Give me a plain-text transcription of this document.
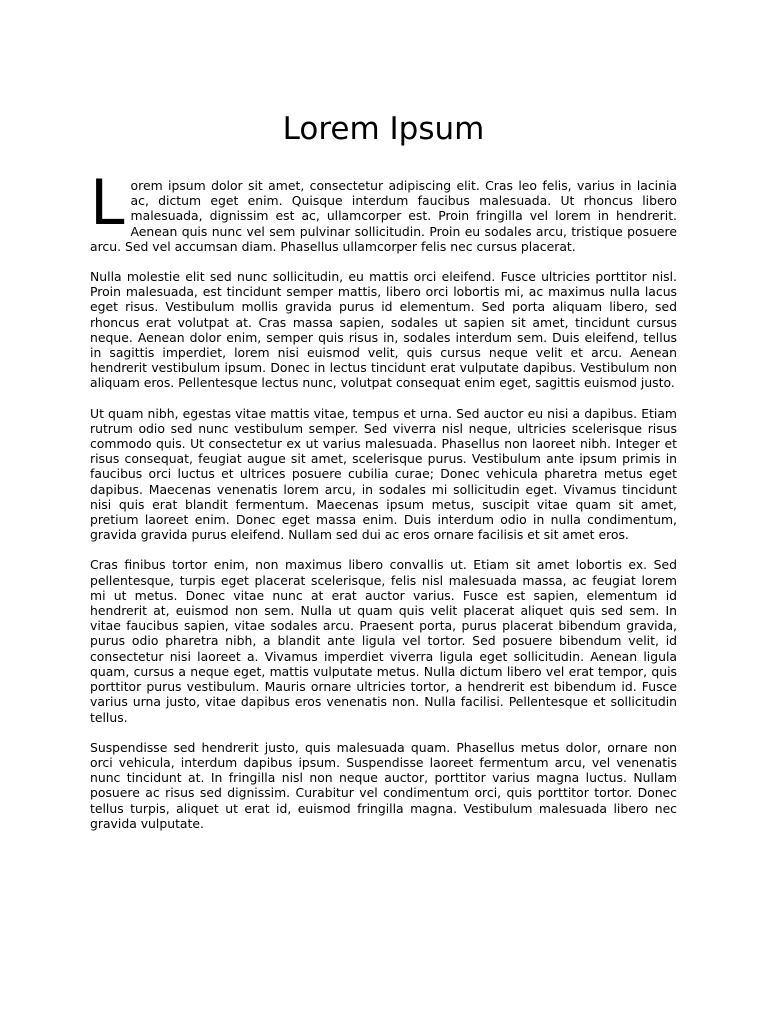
Lorem Ipsum

Lorem ipsum dolor sit amet, consectetur adipiscing elit. Cras leo felis, varius in lacinia ac, dictum eget enim. Quisque interdum faucibus malesuada. Ut rhoncus libero malesuada, dignissim est ac, ullamcorper est. Proin fringilla vel lorem in hendrerit. Aenean quis nunc vel sem pulvinar sollicitudin. Proin eu sodales arcu, tristique posuere arcu. Sed vel accumsan diam. Phasellus ullamcorper felis nec cursus placerat.

Nulla molestie elit sed nunc sollicitudin, eu mattis orci eleifend. Fusce ultricies porttitor nisl. Proin malesuada, est tincidunt semper mattis, libero orci lobortis mi, ac maximus nulla lacus eget risus. Vestibulum mollis gravida purus id elementum. Sed porta aliquam libero, sed rhoncus erat volutpat at. Cras massa sapien, sodales ut sapien sit amet, tincidunt cursus neque. Aenean dolor enim, semper quis risus in, sodales interdum sem. Duis eleifend, tellus in sagittis imperdiet, lorem nisi euismod velit, quis cursus neque velit et arcu. Aenean hendrerit vestibulum ipsum. Donec in lectus tincidunt erat vulputate dapibus. Vestibulum non aliquam eros. Pellentesque lectus nunc, volutpat consequat enim eget, sagittis euismod justo.

Ut quam nibh, egestas vitae mattis vitae, tempus et urna. Sed auctor eu nisi a dapibus. Etiam rutrum odio sed nunc vestibulum semper. Sed viverra nisl neque, ultricies scelerisque risus commodo quis. Ut consectetur ex ut varius malesuada. Phasellus non laoreet nibh. Integer et risus consequat, feugiat augue sit amet, scelerisque purus. Vestibulum ante ipsum primis in faucibus orci luctus et ultrices posuere cubilia curae; Donec vehicula pharetra metus eget dapibus. Maecenas venenatis lorem arcu, in sodales mi sollicitudin eget. Vivamus tincidunt nisi quis erat blandit fermentum. Maecenas ipsum metus, suscipit vitae quam sit amet, pretium laoreet enim. Donec eget massa enim. Duis interdum odio in nulla condimentum, gravida gravida purus eleifend. Nullam sed dui ac eros ornare facilisis et sit amet eros.

Cras finibus tortor enim, non maximus libero convallis ut. Etiam sit amet lobortis ex. Sed pellentesque, turpis eget placerat scelerisque, felis nisl malesuada massa, ac feugiat lorem mi ut metus. Donec vitae nunc at erat auctor varius. Fusce est sapien, elementum id hendrerit at, euismod non sem. Nulla ut quam quis velit placerat aliquet quis sed sem. In vitae faucibus sapien, vitae sodales arcu. Praesent porta, purus placerat bibendum gravida, purus odio pharetra nibh, a blandit ante ligula vel tortor. Sed posuere bibendum velit, id consectetur nisi laoreet a. Vivamus imperdiet viverra ligula eget sollicitudin. Aenean ligula quam, cursus a neque eget, mattis vulputate metus. Nulla dictum libero vel erat tempor, quis porttitor purus vestibulum. Mauris ornare ultricies tortor, a hendrerit est bibendum id. Fusce varius urna justo, vitae dapibus eros venenatis non. Nulla facilisi. Pellentesque et sollicitudin tellus.

Suspendisse sed hendrerit justo, quis malesuada quam. Phasellus metus dolor, ornare non orci vehicula, interdum dapibus ipsum. Suspendisse laoreet fermentum arcu, vel venenatis nunc tincidunt at. In fringilla nisl non neque auctor, porttitor varius magna luctus. Nullam posuere ac risus sed dignissim. Curabitur vel condimentum orci, quis porttitor tortor. Donec tellus turpis, aliquet ut erat id, euismod fringilla magna. Vestibulum malesuada libero nec gravida vulputate.
